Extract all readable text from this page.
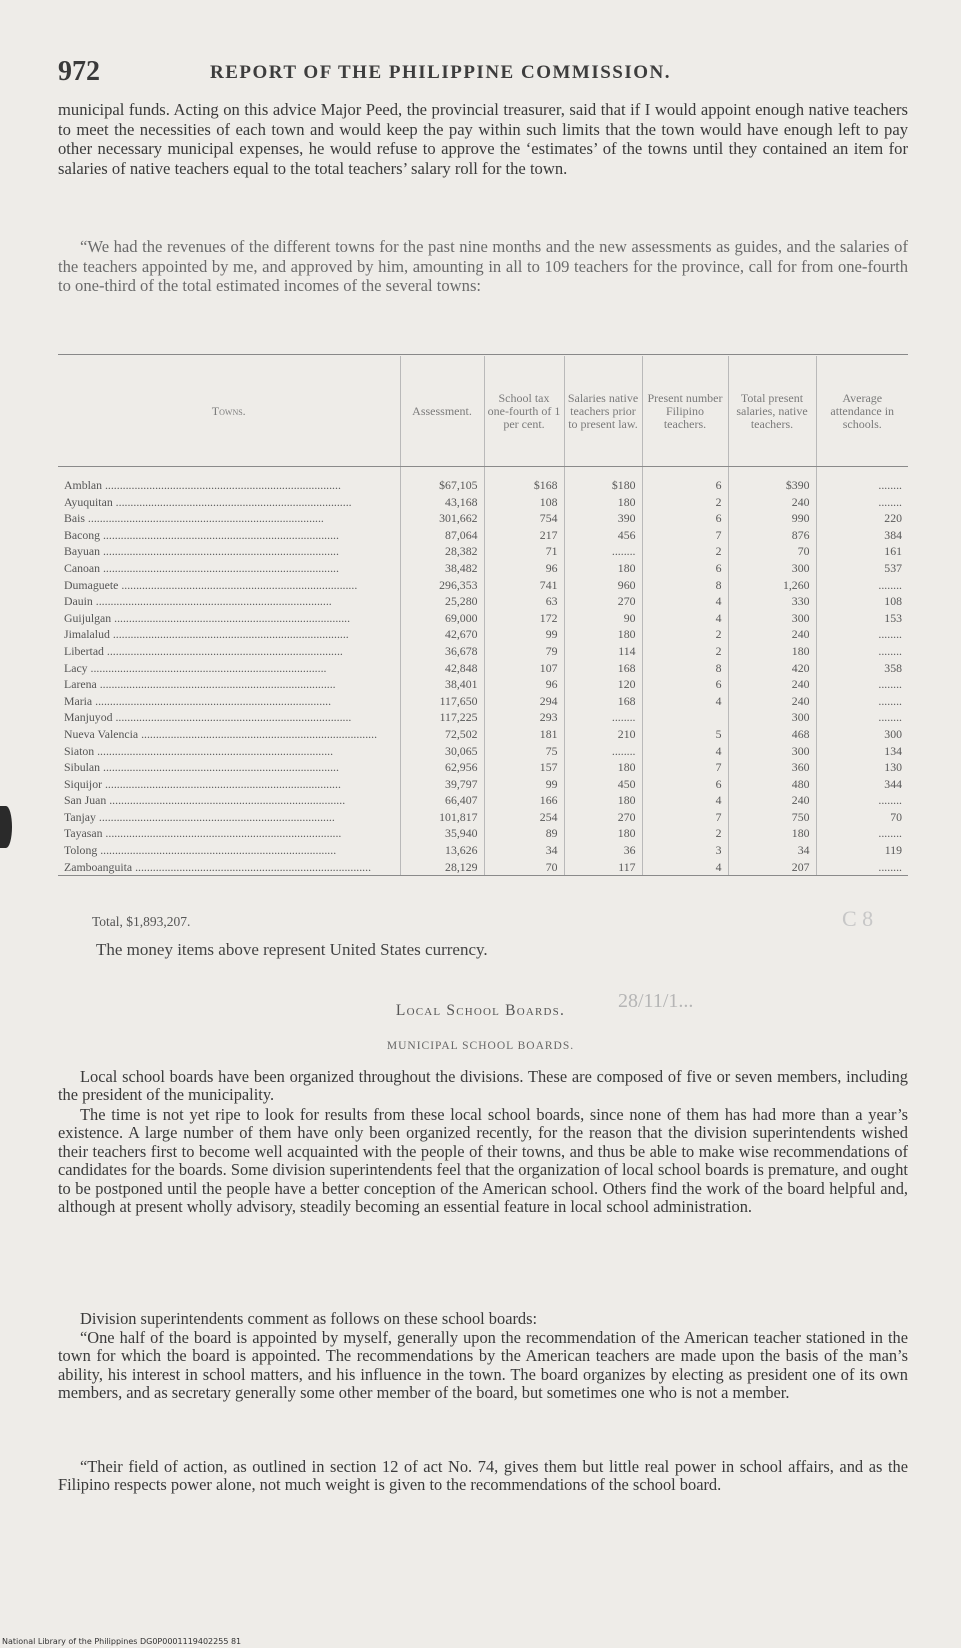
972	REPORT OF THE PHILIPPINE COMMISSION.

municipal funds. Acting on this advice Major Peed, the provincial treasurer, said that if I would appoint enough native teachers to meet the necessities of each town and would keep the pay within such limits that the town would have enough left to pay other necessary municipal expenses, he would refuse to approve the ‘estimates’ of the towns until they contained an item for salaries of native teachers equal to the total teachers’ salary roll for the town.

“We had the revenues of the different towns for the past nine months and the new assessments as guides, and the salaries of the teachers appointed by me, and approved by him, amounting in all to 109 teachers for the province, call for from one-fourth to one-third of the total estimated incomes of the several towns:

Towns.	Assessment.	School tax one-fourth of 1 per cent.	Salaries native teachers prior to present law.	Present number Filipino teachers.	Total present salaries, native teachers.	Average attendance in schools.

Amblan ................................................................................	$67,105	$168	$180	6	$390	........
Ayuquitan ................................................................................	43,168	108	180	2	240	........
Bais ................................................................................	301,662	754	390	6	990	220
Bacong ................................................................................	87,064	217	456	7	876	384
Bayuan ................................................................................	28,382	71	........	2	70	161
Canoan ................................................................................	38,482	96	180	6	300	537
Dumaguete ................................................................................	296,353	741	960	8	1,260	........
Dauin ................................................................................	25,280	63	270	4	330	108
Guijulgan ................................................................................	69,000	172	90	4	300	153
Jimalalud ................................................................................	42,670	99	180	2	240	........
Libertad ................................................................................	36,678	79	114	2	180	........
Lacy ................................................................................	42,848	107	168	8	420	358
Larena ................................................................................	38,401	96	120	6	240	........
Maria ................................................................................	117,650	294	168	4	240	........
Manjuyod ................................................................................	117,225	293	........		300	........
Nueva Valencia ................................................................................	72,502	181	210	5	468	300
Siaton ................................................................................	30,065	75	........	4	300	134
Sibulan ................................................................................	62,956	157	180	7	360	130
Siquijor ................................................................................	39,797	99	450	6	480	344
San Juan ................................................................................	66,407	166	180	4	240	........
Tanjay ................................................................................	101,817	254	270	7	750	70
Tayasan ................................................................................	35,940	89	180	2	180	........
Tolong ................................................................................	13,626	34	36	3	34	119
Zamboanguita ................................................................................	28,129	70	117	4	207	........
Total, $1,893,207.
The money items above represent United States currency.
C 8
Local School Boards.	28/11/1...
MUNICIPAL SCHOOL BOARDS.

Local school boards have been organized throughout the divisions. These are composed of five or seven members, including the president of the municipality.

The time is not yet ripe to look for results from these local school boards, since none of them has had more than a year’s existence. A large number of them have only been organized recently, for the reason that the division superintendents wished their teachers first to become well acquainted with the people of their towns, and thus be able to make wise recommendations of candidates for the boards. Some division superintendents feel that the organization of local school boards is premature, and ought to be postponed until the people have a better conception of the American school. Others find the work of the board helpful and, although at present wholly advisory, steadily becoming an essential feature in local school administration.

Division superintendents comment as follows on these school boards:

“One half of the board is appointed by myself, generally upon the recommendation of the American teacher stationed in the town for which the board is appointed. The recommendations by the American teachers are made upon the basis of the man’s ability, his interest in school matters, and his influence in the town. The board organizes by electing as president one of its own members, and as secretary generally some other member of the board, but sometimes one who is not a member.

“Their field of action, as outlined in section 12 of act No. 74, gives them but little real power in school affairs, and as the Filipino respects power alone, not much weight is given to the recommendations of the school board.

National Library of the Philippines DG0P0001119402255 81
